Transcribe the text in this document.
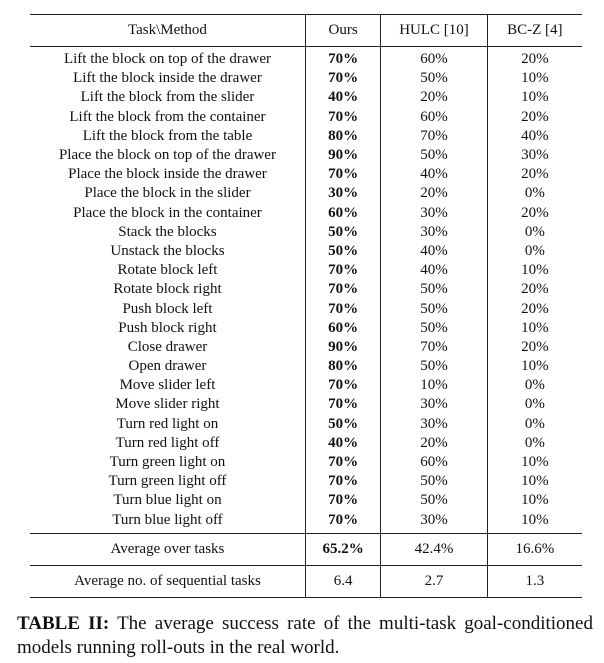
Task\Method	Ours	HULC [10]	BC-Z [4]
Lift the block on top of the drawer	70%	60%	20%
Lift the block inside the drawer	70%	50%	10%
Lift the block from the slider	40%	20%	10%
Lift the block from the container	70%	60%	20%
Lift the block from the table	80%	70%	40%
Place the block on top of the drawer	90%	50%	30%
Place the block inside the drawer	70%	40%	20%
Place the block in the slider	30%	20%	0%
Place the block in the container	60%	30%	20%
Stack the blocks	50%	30%	0%
Unstack the blocks	50%	40%	0%
Rotate block left	70%	40%	10%
Rotate block right	70%	50%	20%
Push block left	70%	50%	20%
Push block right	60%	50%	10%
Close drawer	90%	70%	20%
Open drawer	80%	50%	10%
Move slider left	70%	10%	0%
Move slider right	70%	30%	0%
Turn red light on	50%	30%	0%
Turn red light off	40%	20%	0%
Turn green light on	70%	60%	10%
Turn green light off	70%	50%	10%
Turn blue light on	70%	50%	10%
Turn blue light off	70%	30%	10%
Average over tasks	65.2%	42.4%	16.6%
Average no. of sequential tasks	6.4	2.7	1.3
TABLE II: The average success rate of the multi-task goal-conditioned models running roll-outs in the real world.
